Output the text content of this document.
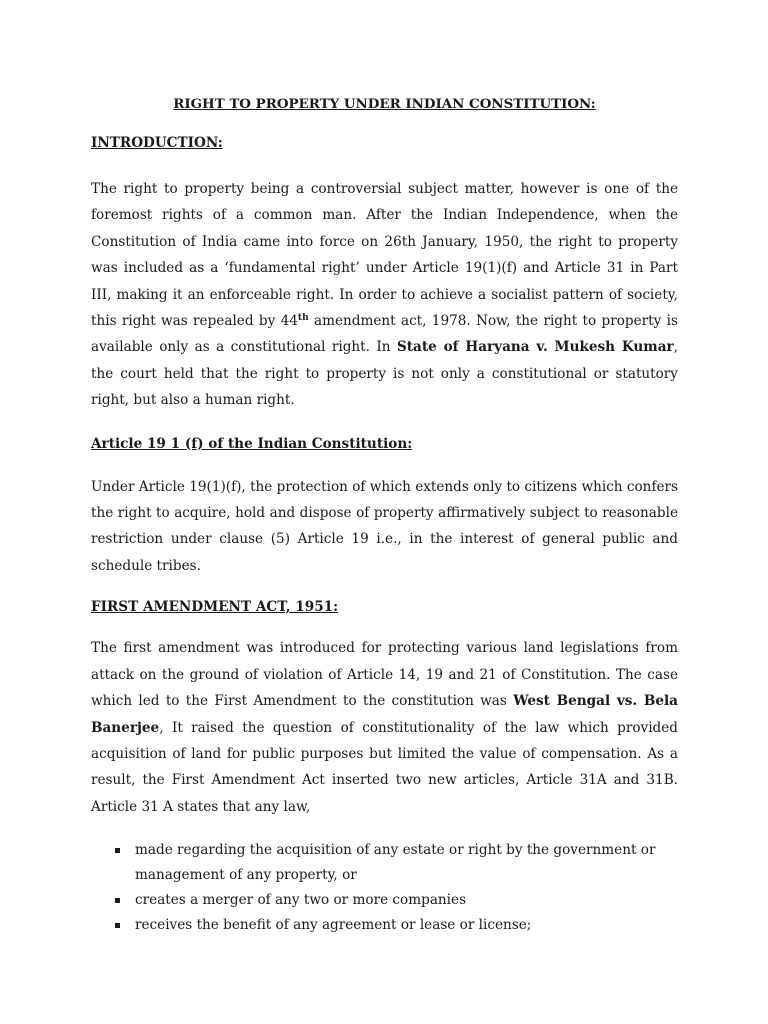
RIGHT TO PROPERTY UNDER INDIAN CONSTITUTION:

INTRODUCTION:

The right to property being a controversial subject matter, however is one of the foremost rights of a common man. After the Indian Independence, when the Constitution of India came into force on 26th January, 1950, the right to property was included as a ‘fundamental right’ under Article 19(1)(f) and Article 31 in Part III, making it an enforceable right. In order to achieve a socialist pattern of society, this right was repealed by 44th amendment act, 1978. Now, the right to property is available only as a constitutional right. In State of Haryana v. Mukesh Kumar, the court held that the right to property is not only a constitutional or statutory right, but also a human right.

Article 19 1 (f) of the Indian Constitution:

Under Article 19(1)(f), the protection of which extends only to citizens which confers the right to acquire, hold and dispose of property affirmatively subject to reasonable restriction under clause (5) Article 19 i.e., in the interest of general public and schedule tribes.

FIRST AMENDMENT ACT, 1951:

The first amendment was introduced for protecting various land legislations from attack on the ground of violation of Article 14, 19 and 21 of Constitution. The case which led to the First Amendment to the constitution was West Bengal vs. Bela Banerjee, It raised the question of constitutionality of the law which provided acquisition of land for public purposes but limited the value of compensation. As a result, the First Amendment Act inserted two new articles, Article 31A and 31B. Article 31 A states that any law,

made regarding the acquisition of any estate or right by the government or management of any property, or
creates a merger of any two or more companies
receives the benefit of any agreement or lease or license;
